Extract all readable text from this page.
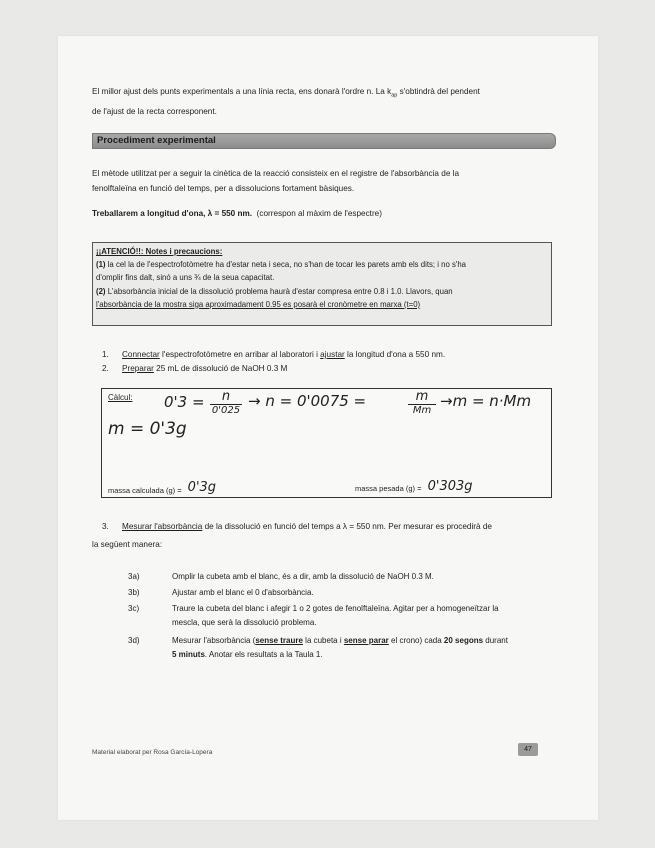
El millor ajust dels punts experimentals a una línia recta, ens donarà l'ordre n. La $k_{ap}$ s'obtindrà del pendent
de l'ajust de la recta corresponent.
Procediment experimental
El mètode utilitzat per a seguir la cinètica de la reacció consisteix en el registre de l'absorbància de la
fenolftaleïna en funció del temps, per a dissolucions fortament bàsiques.
Treballarem a longitud d'ona, λ = 550 nm. (correspon al màxim de l'espectre)
¡¡ATENCIÓ!!: Notes i precaucions:
(1) la cel la de l'espectrofotòmetre ha d'estar neta i seca, no s'han de tocar les parets amb els dits; i no s'ha
d'omplir fins dalt, sinó a uns ¾ de la seua capacitat.
(2) L'absorbància inicial de la dissolució problema haurà d'estar compresa entre 0.8 i 1.0. Llavors, quan
l'absorbància de la mostra siga aproximadament 0.95 es posarà el cronòmetre en marxa (t=0)
1. Connectar l'espectrofotòmetre en arribar al laboratori i ajustar la longitud d'ona a 550 nm.
2. Preparar 25 mL de dissolució de NaOH 0.3 M
Càlcul: 0'3 =	n
0'025
→ n = 0'0075 =	m
Mm
→m = n·Mm
m = 0'3g
massa calculada (g) = 0'3g	massa pesada (g) = 0'303g
3. Mesurar l'absorbància de la dissolució en funció del temps a λ = 550 nm. Per mesurar es procedirà de
la següent manera:
3a)	Omplir la cubeta amb el blanc, és a dir, amb la dissolució de NaOH 0.3 M.
3b)	Ajustar amb el blanc el 0 d'absorbància.
3c)	Traure la cubeta del blanc i afegir 1 o 2 gotes de fenolftaleïna. Agitar per a homogeneïtzar la
mescla, que serà la dissolució problema.
3d)	Mesurar l'absorbància (sense traure la cubeta i sense parar el crono) cada 20 segons durant
5 minuts. Anotar els resultats a la Taula 1.
Material elaborat per Rosa García-Lopera	47
